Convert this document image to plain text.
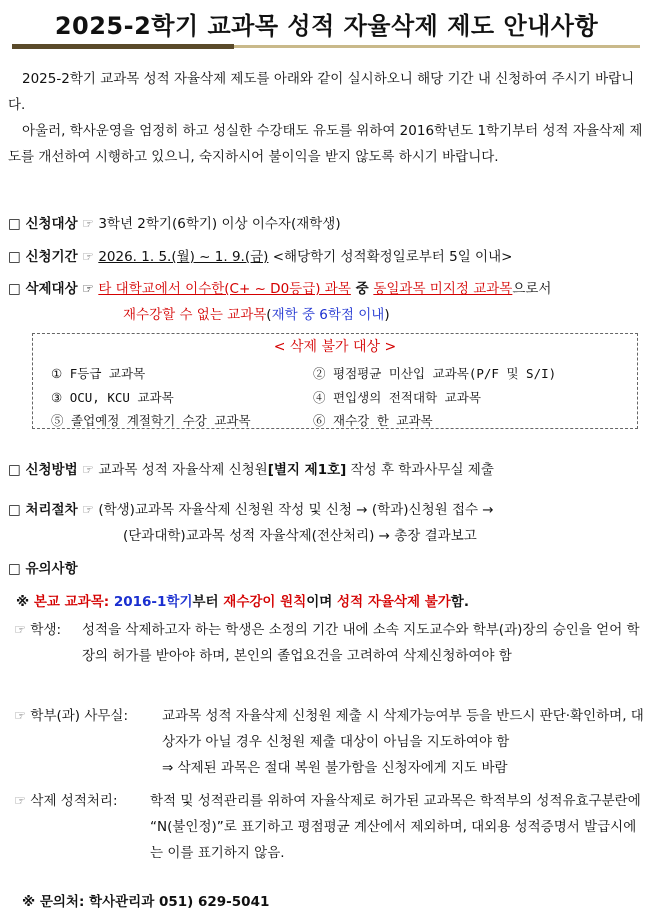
2025-2학기 교과목 성적 자율삭제 제도 안내사항
2025-2학기 교과목 성적 자율삭제 제도를 아래와 같이 실시하오니 해당 기간 내 신청하여 주시기 바랍니다.
아울러, 학사운영을 엄정히 하고 성실한 수강태도 유도를 위하여 2016학년도 1학기부터 성적 자율삭제 제도를 개선하여 시행하고 있으니, 숙지하시어 불이익을 받지 않도록 하시기 바랍니다.
□ 신청대상 ☞ 3학년 2학기(6학기) 이상 이수자(재학생)
□ 신청기간 ☞ 2026. 1. 5.(월) ~ 1. 9.(금) <해당학기 성적확정일로부터 5일 이내>
□ 삭제대상 ☞ 타 대학교에서 이수한(C+ ~ D0등급) 과목 중 동일과목 미지정 교과목으로서
재수강할 수 없는 교과목(재학 중 6학점 이내)
< 삭제 불가 대상 >
① F등급 교과목	② 평점평균 미산입 교과목(P/F 및 S/I)
③ OCU, KCU 교과목	④ 편입생의 전적대학 교과목
⑤ 졸업예정 계절학기 수강 교과목	⑥ 재수강 한 교과목
□ 신청방법 ☞ 교과목 성적 자율삭제 신청원[별지 제1호] 작성 후 학과사무실 제출
□ 처리절차 ☞ (학생)교과목 자율삭제 신청원 작성 및 신청 → (학과)신청원 접수 →
(단과대학)교과목 성적 자율삭제(전산처리) → 총장 결과보고
□ 유의사항
※ 본교 교과목: 2016-1학기부터 재수강이 원칙이며 성적 자율삭제 불가함.
☞ 학생:	성적을 삭제하고자 하는 학생은 소정의 기간 내에 소속 지도교수와 학부(과)장의 승인을 얻어 학장의 허가를 받아야 하며, 본인의 졸업요건을 고려하여 삭제신청하여야 함
☞ 학부(과) 사무실:	교과목 성적 자율삭제 신청원 제출 시 삭제가능여부 등을 반드시 판단·확인하며, 대상자가 아닐 경우 신청원 제출 대상이 아님을 지도하여야 함
⇒ 삭제된 과목은 절대 복원 불가함을 신청자에게 지도 바람
☞ 삭제 성적처리: 학적 및 성적관리를 위하여 자율삭제로 허가된 교과목은 학적부의 성적유효구분란에 “N(불인정)”로 표기하고 평점평균 계산에서 제외하며, 대외용 성적증명서 발급시에는 이를 표기하지 않음.
※ 문의처: 학사관리과 051) 629-5041
